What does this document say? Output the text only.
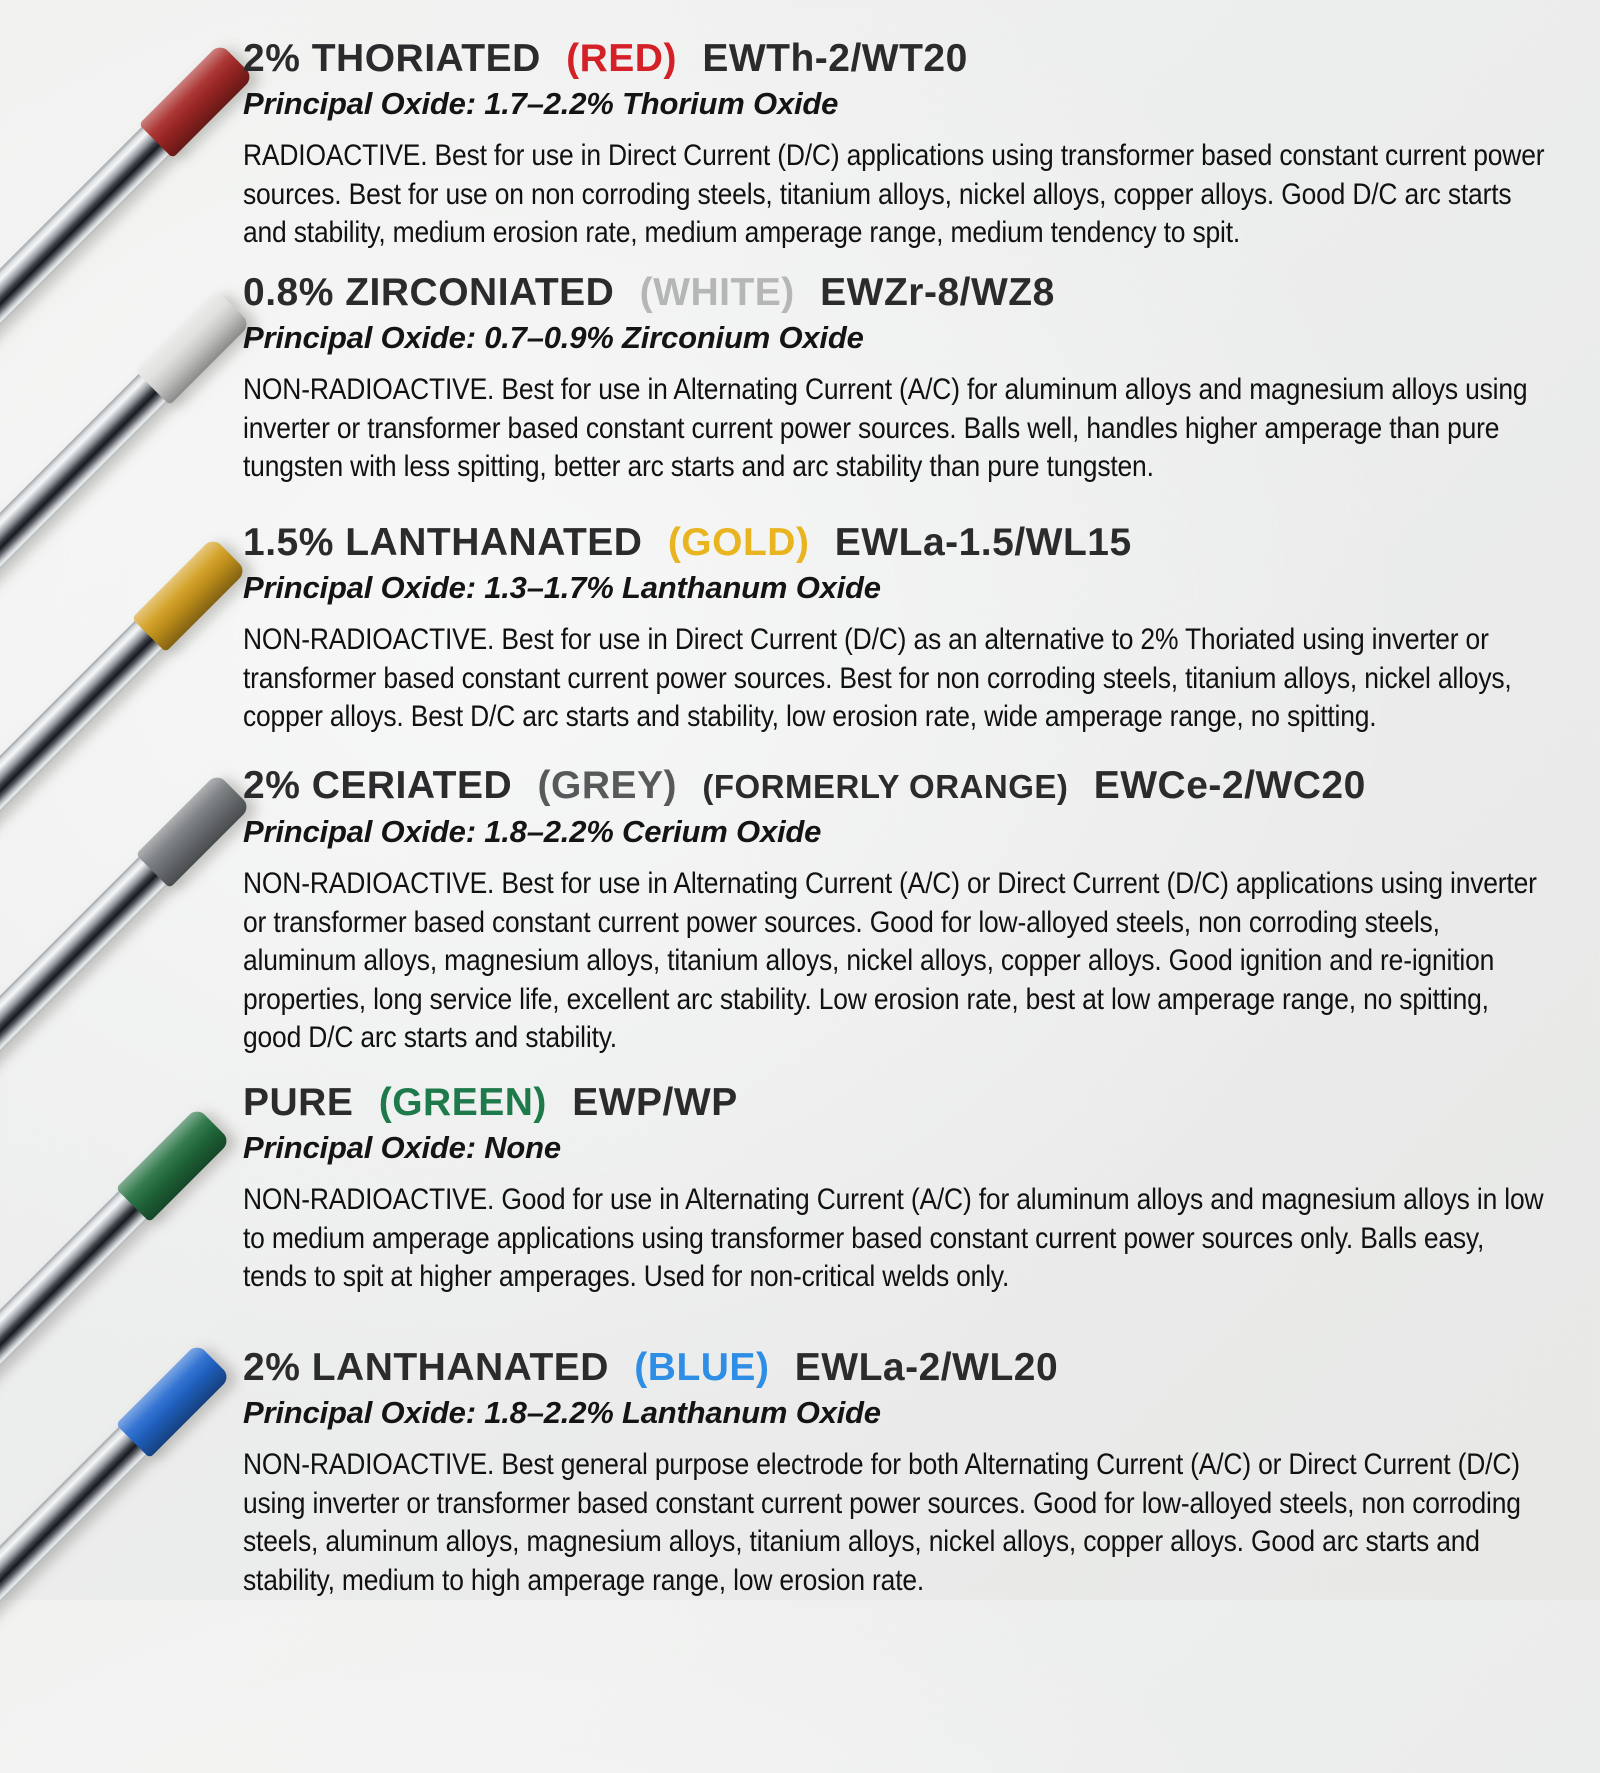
2% THORIATED (RED) EWTh-2/WT20
Principal Oxide: 1.7–2.2% Thorium Oxide
RADIOACTIVE. Best for use in Direct Current (D/C) applications using transformer based constant current power sources. Best for use on non corroding steels, titanium alloys, nickel alloys, copper alloys. Good D/C arc starts and stability, medium erosion rate, medium amperage range, medium tendency to spit.
0.8% ZIRCONIATED (WHITE) EWZr-8/WZ8
Principal Oxide: 0.7–0.9% Zirconium Oxide
NON-RADIOACTIVE. Best for use in Alternating Current (A/C) for aluminum alloys and magnesium alloys using inverter or transformer based constant current power sources. Balls well, handles higher amperage than pure tungsten with less spitting, better arc starts and arc stability than pure tungsten.
1.5% LANTHANATED (GOLD) EWLa-1.5/WL15
Principal Oxide: 1.3–1.7% Lanthanum Oxide
NON-RADIOACTIVE. Best for use in Direct Current (D/C) as an alternative to 2% Thoriated using inverter or transformer based constant current power sources. Best for non corroding steels, titanium alloys, nickel alloys, copper alloys. Best D/C arc starts and stability, low erosion rate, wide amperage range, no spitting.
2% CERIATED (GREY) (FORMERLY ORANGE) EWCe-2/WC20
Principal Oxide: 1.8–2.2% Cerium Oxide
NON-RADIOACTIVE. Best for use in Alternating Current (A/C) or Direct Current (D/C) applications using inverter or transformer based constant current power sources. Good for low-alloyed steels, non corroding steels, aluminum alloys, magnesium alloys, titanium alloys, nickel alloys, copper alloys. Good ignition and re-ignition properties, long service life, excellent arc stability. Low erosion rate, best at low amperage range, no spitting, good D/C arc starts and stability.
PURE (GREEN) EWP/WP
Principal Oxide: None
NON-RADIOACTIVE. Good for use in Alternating Current (A/C) for aluminum alloys and magnesium alloys in low to medium amperage applications using transformer based constant current power sources only. Balls easy, tends to spit at higher amperages. Used for non-critical welds only.
2% LANTHANATED (BLUE) EWLa-2/WL20
Principal Oxide: 1.8–2.2% Lanthanum Oxide
NON-RADIOACTIVE. Best general purpose electrode for both Alternating Current (A/C) or Direct Current (D/C) using inverter or transformer based constant current power sources. Good for low-alloyed steels, non corroding steels, aluminum alloys, magnesium alloys, titanium alloys, nickel alloys, copper alloys. Good arc starts and stability, medium to high amperage range, low erosion rate.
